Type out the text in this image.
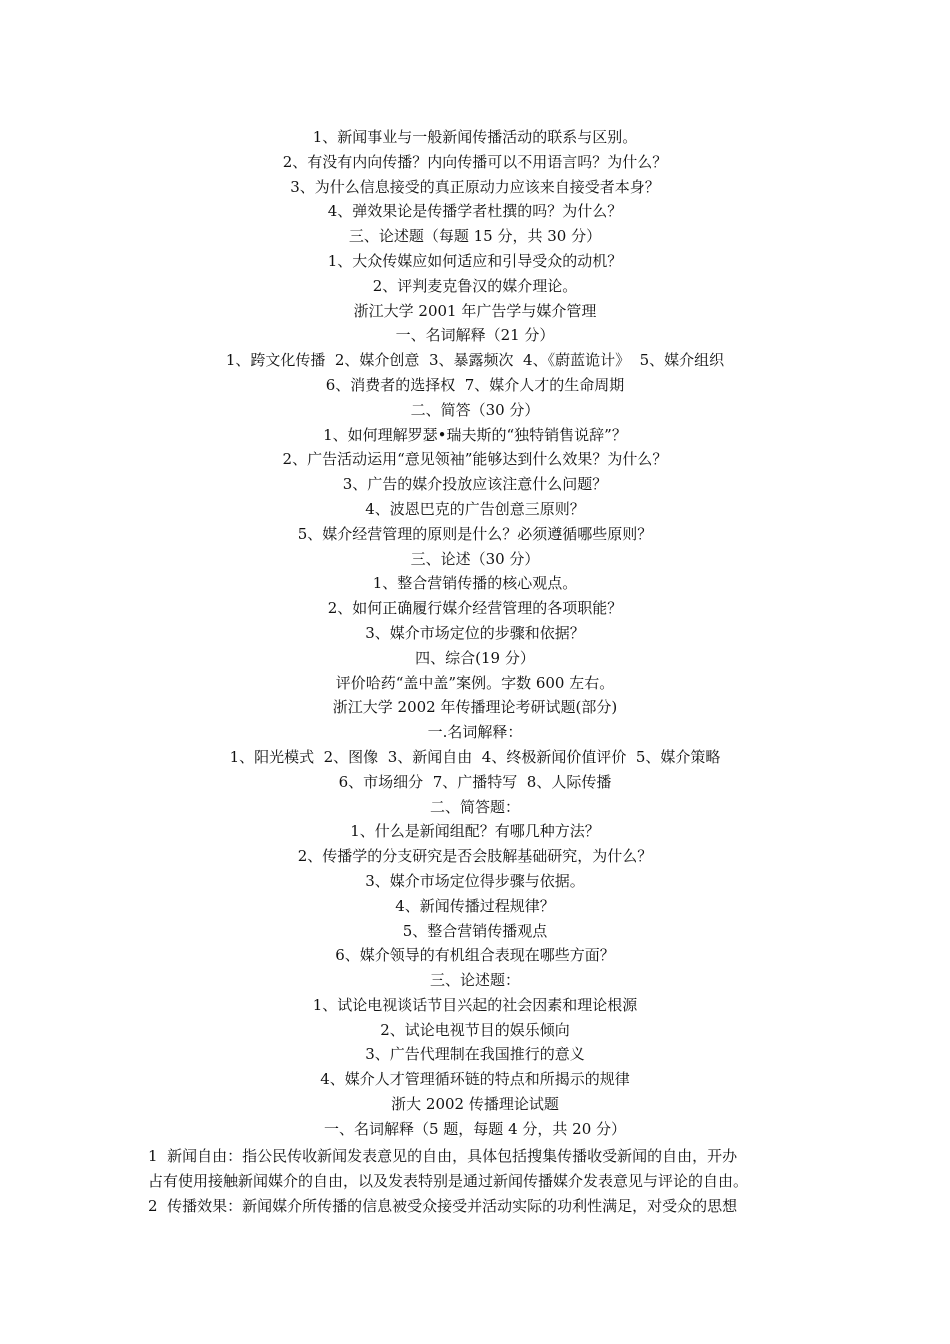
1、新闻事业与一般新闻传播活动的联系与区别。
2、有没有内向传播？内向传播可以不用语言吗？为什么？
3、为什么信息接受的真正原动力应该来自接受者本身？
4、弹效果论是传播学者杜撰的吗？为什么？
三、论述题（每题 15 分，共 30 分）
1、大众传媒应如何适应和引导受众的动机？
2、评判麦克鲁汉的媒介理论。
浙江大学 2001 年广告学与媒介管理
一、名词解释（21 分）
1、跨文化传播  2、媒介创意  3、暴露频次  4、《蔚蓝诡计》  5、媒介组织
6、消费者的选择权  7、媒介人才的生命周期
二、简答（30 分）
1、如何理解罗瑟•瑞夫斯的“独特销售说辞”？
2、广告活动运用“意见领袖”能够达到什么效果？为什么？
3、广告的媒介投放应该注意什么问题？
4、波恩巴克的广告创意三原则？
5、媒介经营管理的原则是什么？必须遵循哪些原则？
三、论述（30 分）
1、整合营销传播的核心观点。
2、如何正确履行媒介经营管理的各项职能？
3、媒介市场定位的步骤和依据？
四、综合(19 分）
评价哈药“盖中盖”案例。字数 600 左右。
浙江大学 2002 年传播理论考研试题(部分)
一.名词解释：
1、阳光模式  2、图像  3、新闻自由  4、终极新闻价值评价  5、媒介策略
6、市场细分  7、广播特写  8、人际传播
二、简答题：
1、什么是新闻组配？有哪几种方法？
2、传播学的分支研究是否会肢解基础研究，为什么？
3、媒介市场定位得步骤与依据。
4、新闻传播过程规律？
5、整合营销传播观点
6、媒介领导的有机组合表现在哪些方面？
三、论述题：
1、试论电视谈话节目兴起的社会因素和理论根源
2、试论电视节目的娱乐倾向
3、广告代理制在我国推行的意义
4、媒介人才管理循环链的特点和所揭示的规律
浙大 2002 传播理论试题
一、名词解释（5 题，每题 4 分，共 20 分）
1  新闻自由：指公民传收新闻发表意见的自由，具体包括搜集传播收受新闻的自由，开办
占有使用接触新闻媒介的自由，以及发表特别是通过新闻传播媒介发表意见与评论的自由。
2  传播效果：新闻媒介所传播的信息被受众接受并活动实际的功利性满足，对受众的思想
